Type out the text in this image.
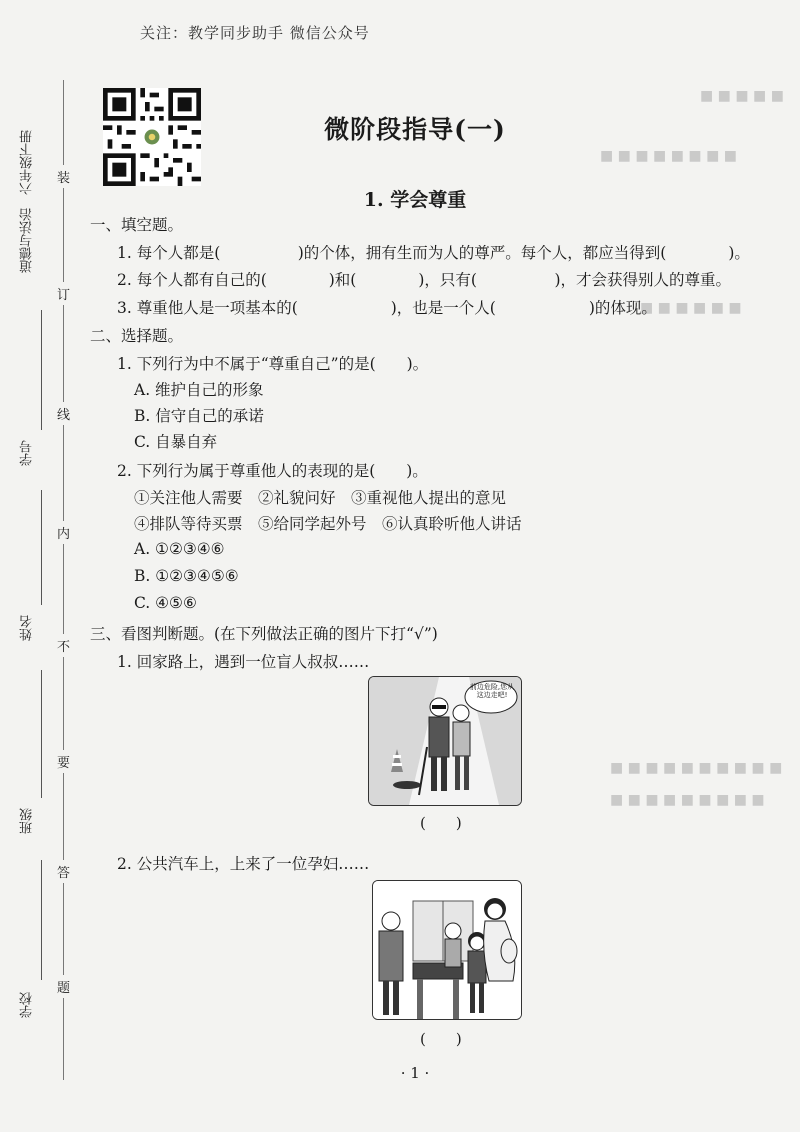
关注：教学同步助手 微信公众号
■ ■ ■ ■ ■
■ ■ ■ ■ ■ ■ ■ ■
■ ■ ■ ■ ■ ■
■ ■ ■ ■ ■ ■ ■ ■ ■ ■
■ ■ ■ ■ ■ ■ ■ ■ ■
道德与法治　六年级下册
学号
姓名
班级
学校
装
订
线
内
不
要
答
题
微阶段指导(一)
1. 学会尊重
一、填空题。
1. 每个人都是(　　　　　)的个体，拥有生而为人的尊严。每个人，都应当得到(　　　　)。
2. 每个人都有自己的(　　　　)和(　　　　)，只有(　　　　　)，才会获得别人的尊重。
3. 尊重他人是一项基本的(　　　　　　)，也是一个人(　　　　　　)的体现。
二、选择题。
1. 下列行为中不属于“尊重自己”的是(　　)。
A. 维护自己的形象
B. 信守自己的承诺
C. 自暴自弃
2. 下列行为属于尊重他人的表现的是(　　)。
①关注他人需要　②礼貌问好　③重视他人提出的意见
④排队等待买票　⑤给同学起外号　⑥认真聆听他人讲话
A. ①②③④⑥
B. ①②③④⑤⑥
C. ④⑤⑥
三、看图判断题。(在下列做法正确的图片下打“√”)
1. 回家路上，遇到一位盲人叔叔……
前边危险,您从这边走吧!
(　　)
2. 公共汽车上，上来了一位孕妇……
(　　)
· 1 ·
